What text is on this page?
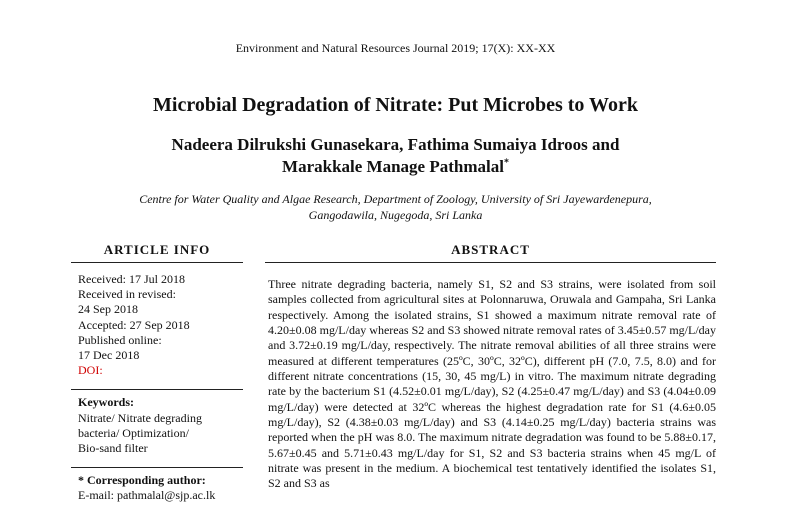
Environment and Natural Resources Journal 2019; 17(X): XX-XX
Microbial Degradation of Nitrate: Put Microbes to Work
Nadeera Dilrukshi Gunasekara, Fathima Sumaiya Idroos and
Marakkale Manage Pathmalal*
Centre for Water Quality and Algae Research, Department of Zoology, University of Sri Jayewardenepura,
Gangodawila, Nugegoda, Sri Lanka
ARTICLE INFO
Received: 17 Jul 2018
Received in revised:
24 Sep 2018
Accepted: 27 Sep 2018
Published online:
17 Dec 2018
DOI:
Keywords:
Nitrate/ Nitrate degrading
bacteria/ Optimization/
Bio-sand filter
* Corresponding author:
E-mail: pathmalal@sjp.ac.lk
ABSTRACT
Three nitrate degrading bacteria, namely S1, S2 and S3 strains, were isolated from soil samples collected from agricultural sites at Polonnaruwa, Oruwala and Gampaha, Sri Lanka respectively. Among the isolated strains, S1 showed a maximum nitrate removal rate of 4.20±0.08 mg/L/day whereas S2 and S3 showed nitrate removal rates of 3.45±0.57 mg/L/day and 3.72±0.19 mg/L/day, respectively. The nitrate removal abilities of all three strains were measured at different temperatures (25ºC, 30ºC, 32ºC), different pH (7.0, 7.5, 8.0) and for different nitrate concentrations (15, 30, 45 mg/L) in vitro. The maximum nitrate degrading rate by the bacterium S1 (4.52±0.01 mg/L/day), S2 (4.25±0.47 mg/L/day) and S3 (4.04±0.09 mg/L/day) were detected at 32ºC whereas the highest degradation rate for S1 (4.6±0.05 mg/L/day), S2 (4.38±0.03 mg/L/day) and S3 (4.14±0.25 mg/L/day) bacteria strains was reported when the pH was 8.0. The maximum nitrate degradation was found to be 5.88±0.17, 5.67±0.45 and 5.71±0.43 mg/L/day for S1, S2 and S3 bacteria strains when 45 mg/L of nitrate was present in the medium. A biochemical test tentatively identified the isolates S1, S2 and S3 as
